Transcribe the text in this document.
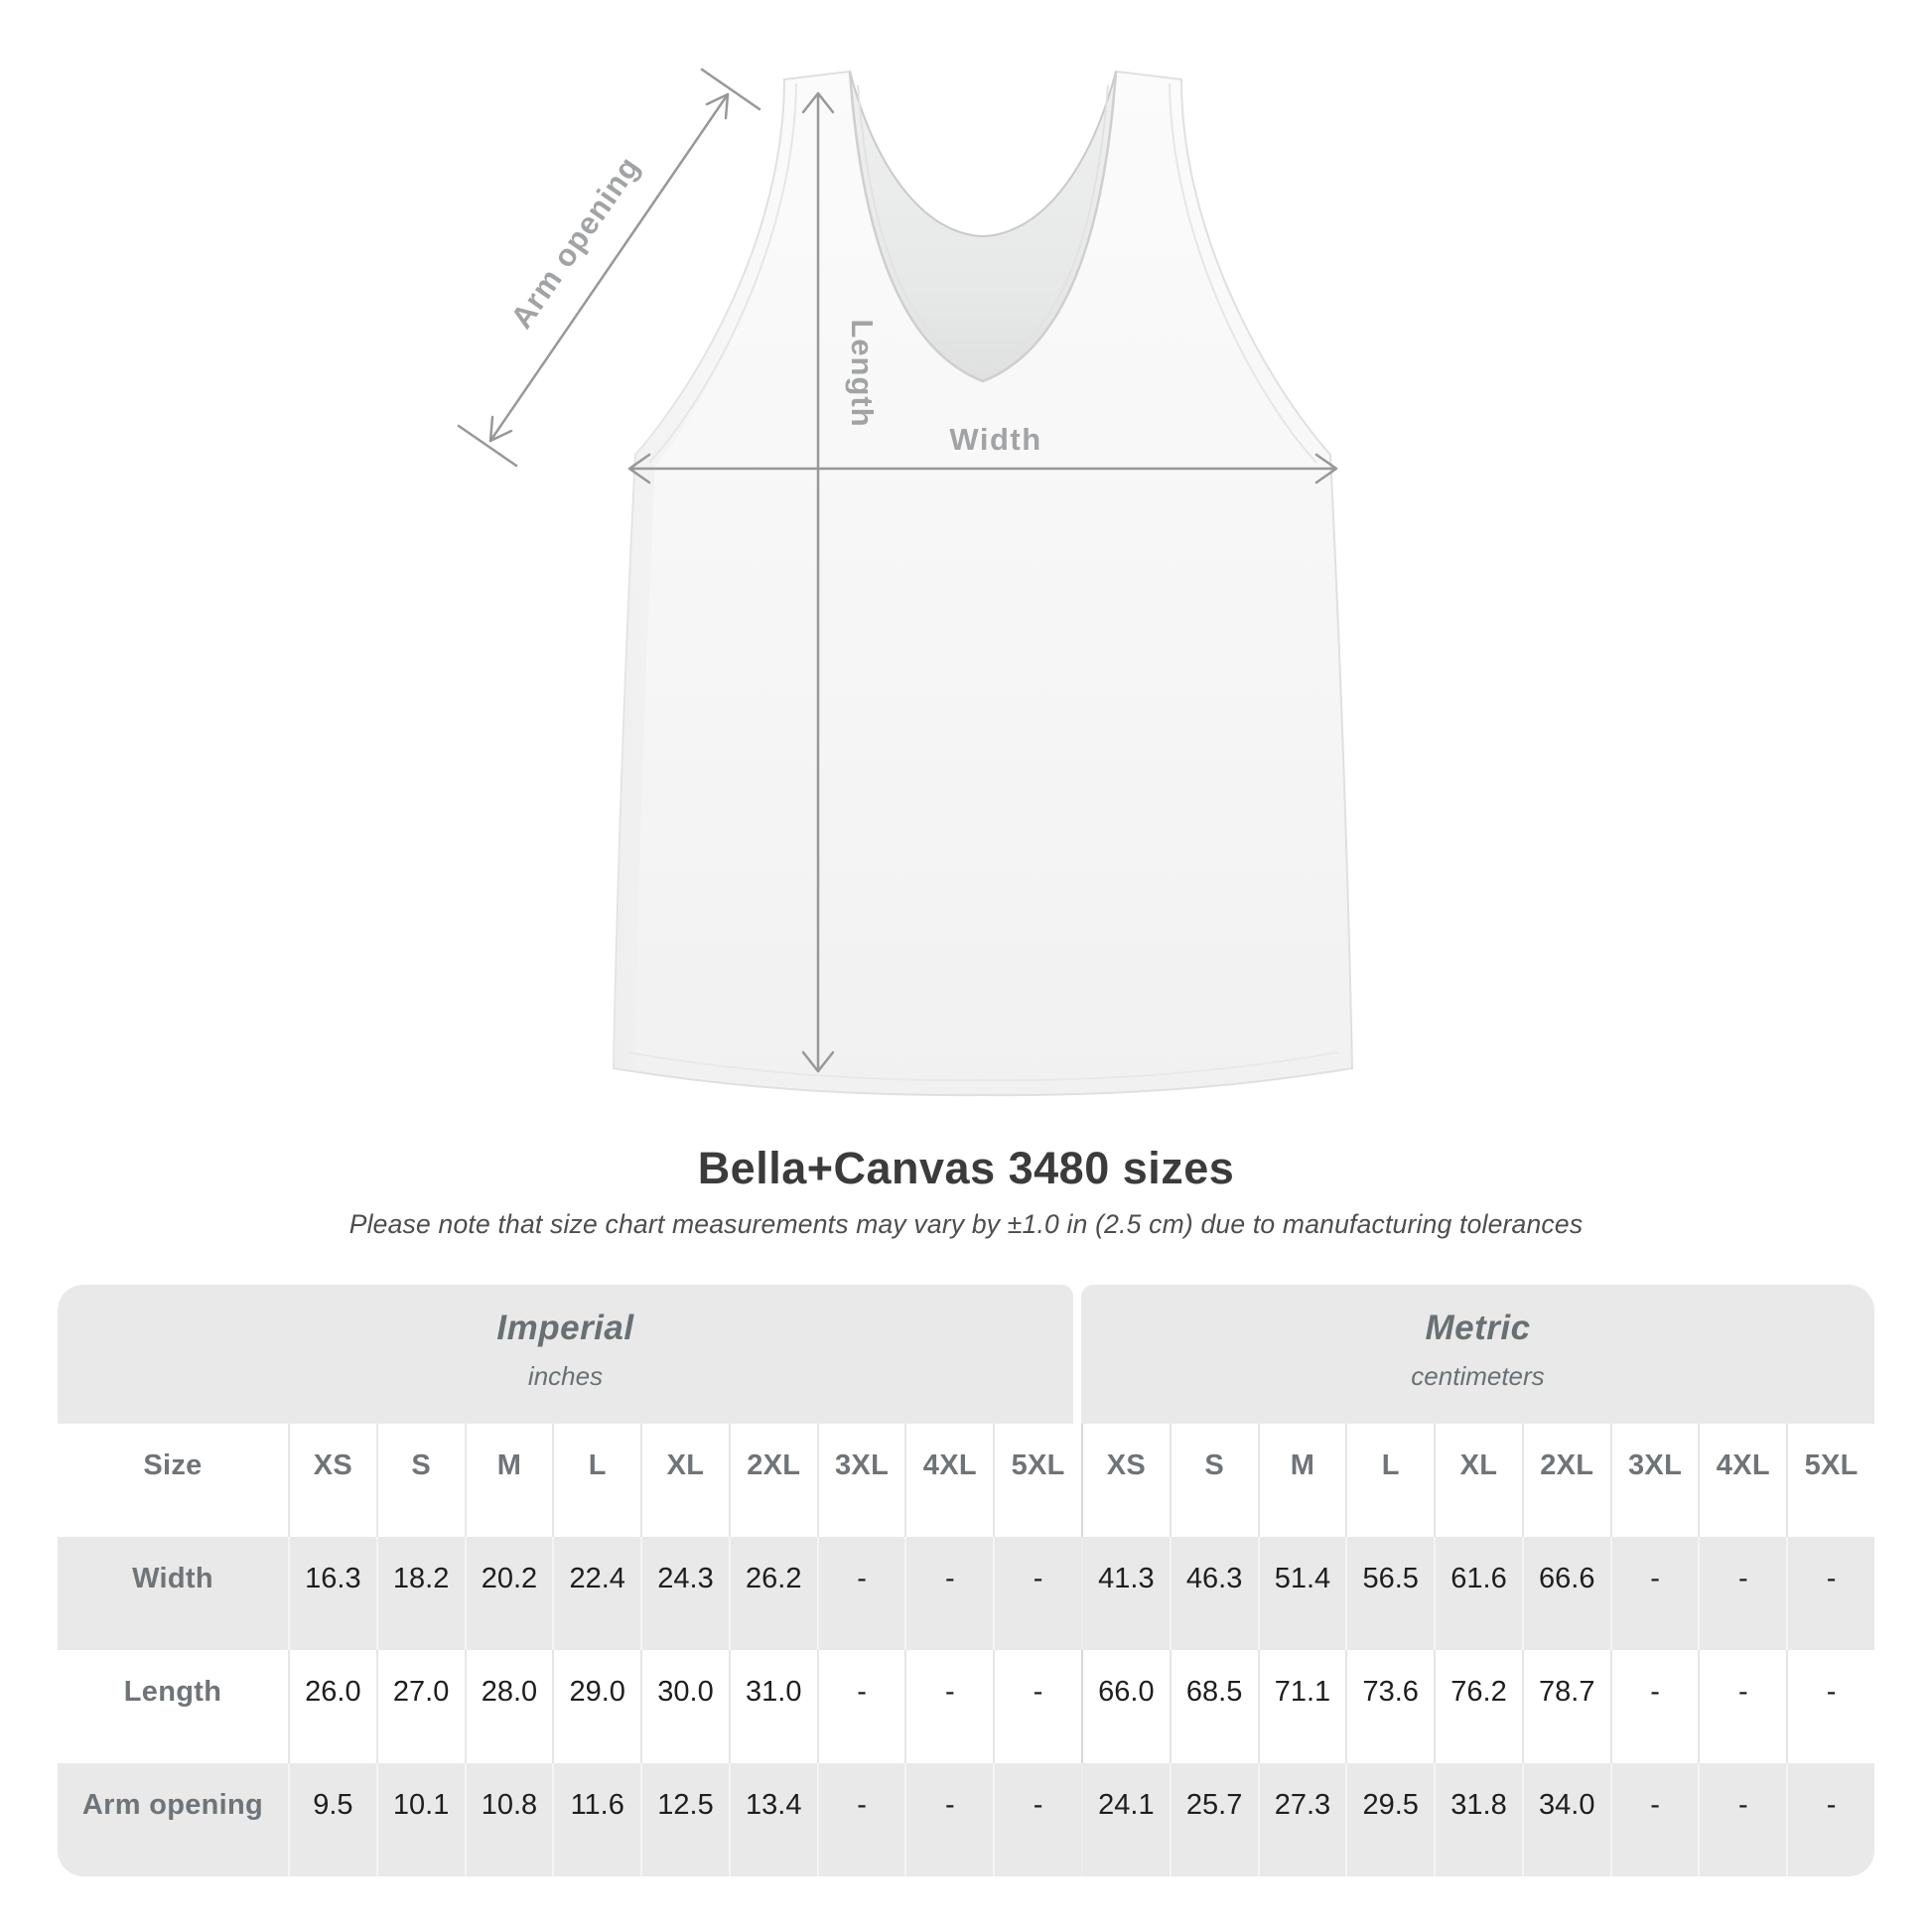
Arm opening
Length
Width
Bella+Canvas 3480 sizes
Please note that size chart measurements may vary by ±1.0 in (2.5 cm) due to manufacturing tolerances
Imperial
inches
Metric
centimeters
Size	XS	S	M	L	XL	2XL	3XL	4XL	5XL	XS	S	M	L	XL	2XL	3XL	4XL	5XL
Width	16.3	18.2	20.2	22.4	24.3	26.2	-	-	-	41.3	46.3	51.4	56.5	61.6	66.6	-	-	-
Length	26.0	27.0	28.0	29.0	30.0	31.0	-	-	-	66.0	68.5	71.1	73.6	76.2	78.7	-	-	-
Arm opening	9.5	10.1	10.8	11.6	12.5	13.4	-	-	-	24.1	25.7	27.3	29.5	31.8	34.0	-	-	-
